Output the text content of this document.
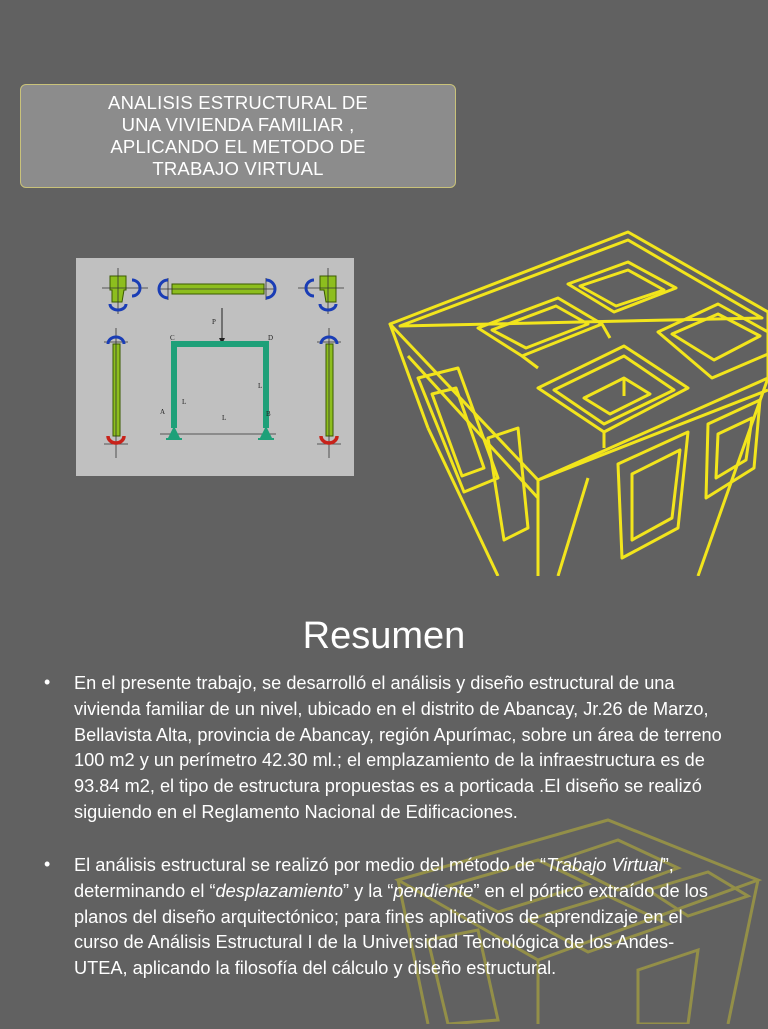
ANALISIS ESTRUCTURAL DE
UNA VIVIENDA FAMILIAR ,
APLICANDO EL METODO DE
TRABAJO VIRTUAL
P
C	D
A	B
L
L
L
Resumen
• En el presente trabajo, se desarrolló el análisis y diseño estructural de una vivienda familiar de un nivel, ubicado en el distrito de Abancay, Jr.26 de Marzo, Bellavista Alta, provincia de Abancay, región Apurímac, sobre un área de terreno 100 m2 y un perímetro 42.30 ml.; el emplazamiento de la infraestructura es de 93.84 m2, el tipo de estructura propuestas es a porticada .El diseño se realizó siguiendo en el Reglamento Nacional de Edificaciones.
• El análisis estructural se realizó por medio del método de “Trabajo Virtual”, determinando el “desplazamiento” y la “pendiente” en el pórtico extraído de los planos del diseño arquitectónico; para fines aplicativos de aprendizaje en el curso de Análisis Estructural I de la Universidad Tecnológica de los Andes-UTEA, aplicando la filosofía del cálculo y diseño estructural.
